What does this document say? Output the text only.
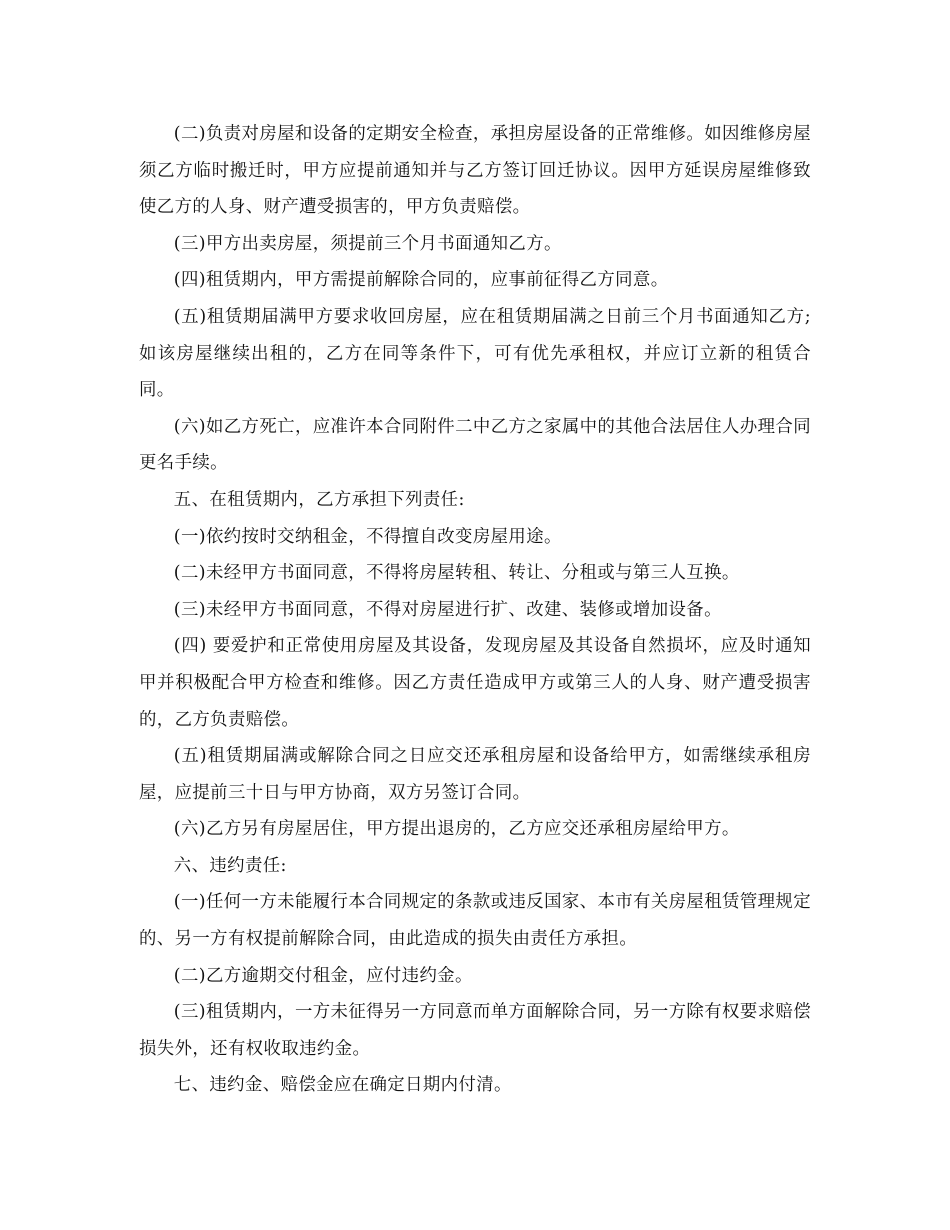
(二)负责对房屋和设备的定期安全检查，承担房屋设备的正常维修。如因维修房屋须乙方临时搬迁时，甲方应提前通知并与乙方签订回迁协议。因甲方延误房屋维修致使乙方的人身、财产遭受损害的，甲方负责赔偿。

(三)甲方出卖房屋，须提前三个月书面通知乙方。

(四)租赁期内，甲方需提前解除合同的，应事前征得乙方同意。

(五)租赁期届满甲方要求收回房屋，应在租赁期届满之日前三个月书面通知乙方;如该房屋继续出租的，乙方在同等条件下，可有优先承租权，并应订立新的租赁合同。

(六)如乙方死亡，应准许本合同附件二中乙方之家属中的其他合法居住人办理合同更名手续。

五、在租赁期内，乙方承担下列责任:

(一)依约按时交纳租金，不得擅自改变房屋用途。

(二)未经甲方书面同意，不得将房屋转租、转让、分租或与第三人互换。

(三)未经甲方书面同意，不得对房屋进行扩、改建、装修或增加设备。

(四) 要爱护和正常使用房屋及其设备，发现房屋及其设备自然损坏，应及时通知甲并积极配合甲方检查和维修。因乙方责任造成甲方或第三人的人身、财产遭受损害的，乙方负责赔偿。

(五)租赁期届满或解除合同之日应交还承租房屋和设备给甲方，如需继续承租房屋，应提前三十日与甲方协商，双方另签订合同。

(六)乙方另有房屋居住，甲方提出退房的，乙方应交还承租房屋给甲方。

六、违约责任:

(一)任何一方未能履行本合同规定的条款或违反国家、本市有关房屋租赁管理规定的、另一方有权提前解除合同，由此造成的损失由责任方承担。

(二)乙方逾期交付租金，应付违约金。

(三)租赁期内，一方未征得另一方同意而单方面解除合同，另一方除有权要求赔偿损失外，还有权收取违约金。

七、违约金、赔偿金应在确定日期内付清。
